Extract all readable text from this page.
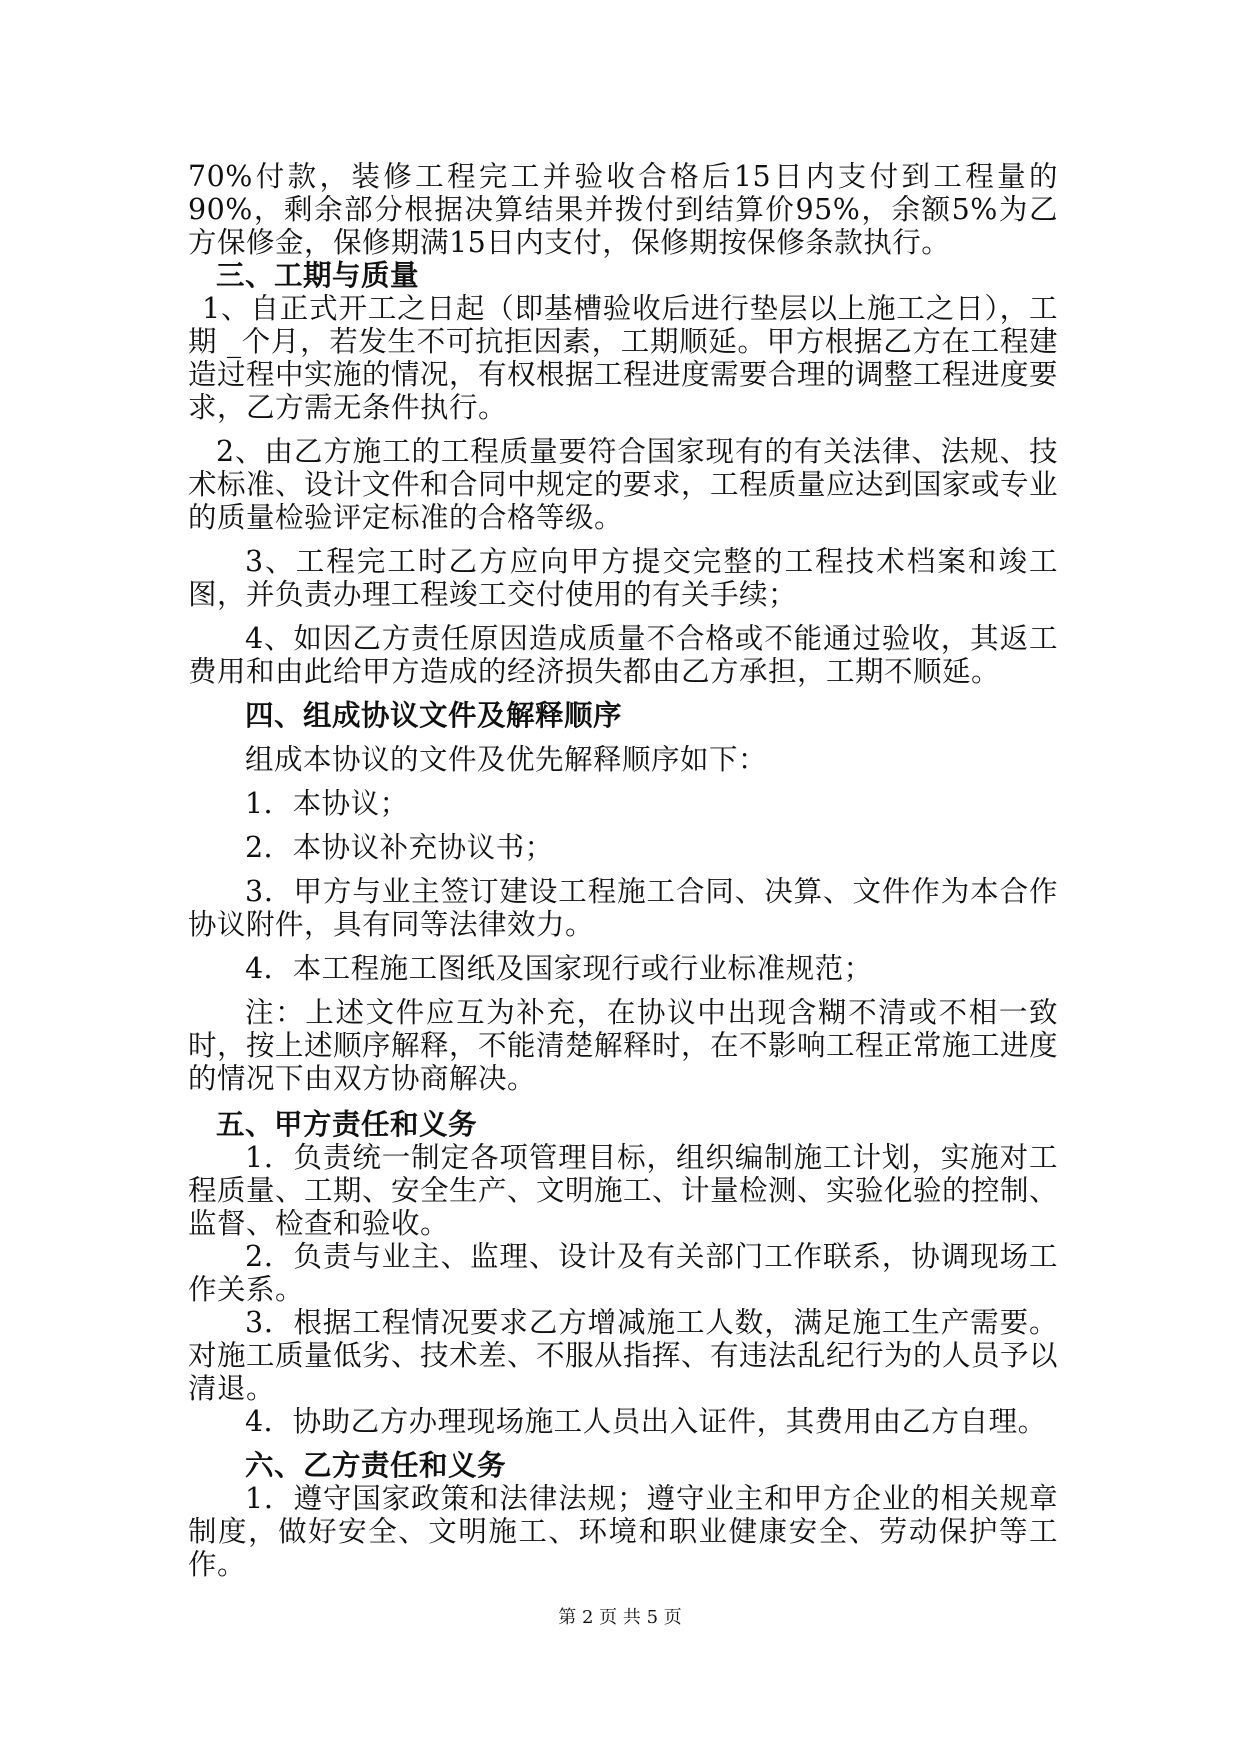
70%付款，装修工程完工并验收合格后15日内支付到工程量的90%，剩余部分根据决算结果并拨付到结算价95%，余额5%为乙方保修金，保修期满15日内支付，保修期按保修条款执行。

三、工期与质量

1、自正式开工之日起（即基槽验收后进行垫层以上施工之日），工期 _个月，若发生不可抗拒因素，工期顺延。甲方根据乙方在工程建造过程中实施的情况，有权根据工程进度需要合理的调整工程进度要求，乙方需无条件执行。

2、由乙方施工的工程质量要符合国家现有的有关法律、法规、技术标准、设计文件和合同中规定的要求，工程质量应达到国家或专业的质量检验评定标准的合格等级。

3、工程完工时乙方应向甲方提交完整的工程技术档案和竣工图，并负责办理工程竣工交付使用的有关手续；

4、如因乙方责任原因造成质量不合格或不能通过验收，其返工费用和由此给甲方造成的经济损失都由乙方承担，工期不顺延。

四、组成协议文件及解释顺序

组成本协议的文件及优先解释顺序如下：

1．本协议；

2．本协议补充协议书；

3．甲方与业主签订建设工程施工合同、决算、文件作为本合作协议附件，具有同等法律效力。

4．本工程施工图纸及国家现行或行业标准规范；

注：上述文件应互为补充，在协议中出现含糊不清或不相一致时，按上述顺序解释，不能清楚解释时，在不影响工程正常施工进度的情况下由双方协商解决。

五、甲方责任和义务

1．负责统一制定各项管理目标，组织编制施工计划，实施对工程质量、工期、安全生产、文明施工、计量检测、实验化验的控制、监督、检查和验收。

2．负责与业主、监理、设计及有关部门工作联系，协调现场工作关系。

3．根据工程情况要求乙方增减施工人数，满足施工生产需要。对施工质量低劣、技术差、不服从指挥、有违法乱纪行为的人员予以清退。

4．协助乙方办理现场施工人员出入证件，其费用由乙方自理。

六、乙方责任和义务

1．遵守国家政策和法律法规；遵守业主和甲方企业的相关规章制度，做好安全、文明施工、环境和职业健康安全、劳动保护等工作。

第 2 页 共 5 页
